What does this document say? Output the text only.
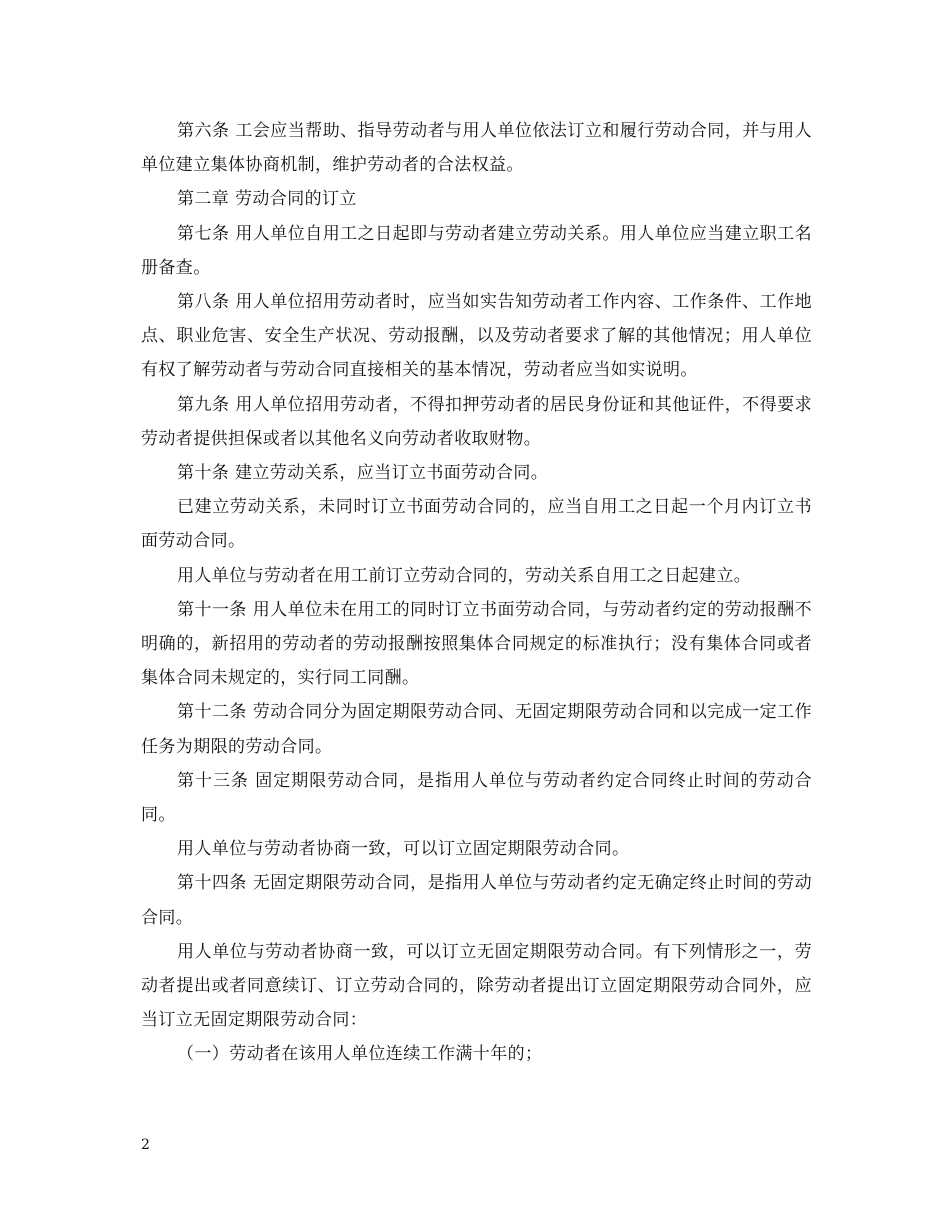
第六条 工会应当帮助、指导劳动者与用人单位依法订立和履行劳动合同，并与用人单位建立集体协商机制，维护劳动者的合法权益。

第二章 劳动合同的订立

第七条 用人单位自用工之日起即与劳动者建立劳动关系。用人单位应当建立职工名册备查。

第八条 用人单位招用劳动者时，应当如实告知劳动者工作内容、工作条件、工作地点、职业危害、安全生产状况、劳动报酬，以及劳动者要求了解的其他情况；用人单位有权了解劳动者与劳动合同直接相关的基本情况，劳动者应当如实说明。

第九条 用人单位招用劳动者，不得扣押劳动者的居民身份证和其他证件，不得要求劳动者提供担保或者以其他名义向劳动者收取财物。

第十条 建立劳动关系，应当订立书面劳动合同。

已建立劳动关系，未同时订立书面劳动合同的，应当自用工之日起一个月内订立书面劳动合同。

用人单位与劳动者在用工前订立劳动合同的，劳动关系自用工之日起建立。

第十一条 用人单位未在用工的同时订立书面劳动合同，与劳动者约定的劳动报酬不明确的，新招用的劳动者的劳动报酬按照集体合同规定的标准执行；没有集体合同或者集体合同未规定的，实行同工同酬。

第十二条 劳动合同分为固定期限劳动合同、无固定期限劳动合同和以完成一定工作任务为期限的劳动合同。

第十三条 固定期限劳动合同，是指用人单位与劳动者约定合同终止时间的劳动合同。

用人单位与劳动者协商一致，可以订立固定期限劳动合同。

第十四条 无固定期限劳动合同，是指用人单位与劳动者约定无确定终止时间的劳动合同。

用人单位与劳动者协商一致，可以订立无固定期限劳动合同。有下列情形之一，劳动者提出或者同意续订、订立劳动合同的，除劳动者提出订立固定期限劳动合同外，应当订立无固定期限劳动合同：

（一）劳动者在该用人单位连续工作满十年的；

2
